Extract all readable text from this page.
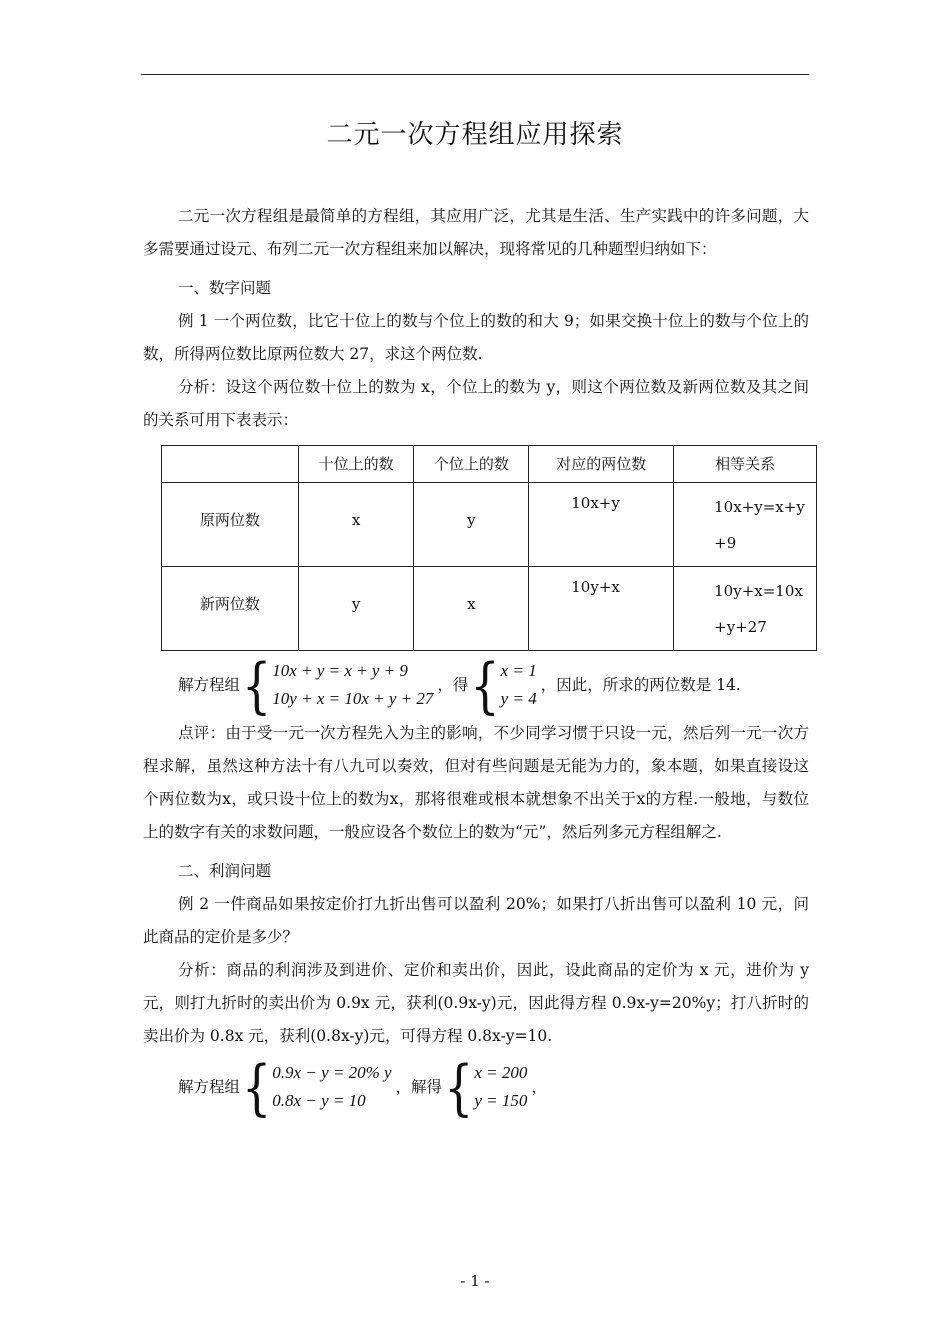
二元一次方程组应用探索

二元一次方程组是最简单的方程组，其应用广泛，尤其是生活、生产实践中的许多问题，大多需要通过设元、布列二元一次方程组来加以解决，现将常见的几种题型归纳如下：

一、数字问题

例 1 一个两位数，比它十位上的数与个位上的数的和大 9；如果交换十位上的数与个位上的数，所得两位数比原两位数大 27，求这个两位数.

分析：设这个两位数十位上的数为 x，个位上的数为 y，则这个两位数及新两位数及其之间的关系可用下表表示：

	十位上的数	个位上的数	对应的两位数	相等关系

原两位数	x	y	10x+y	10x+y=x+y+9

新两位数	y	x	10y+x	10y+x=10x+y+27
解方程组 { 10x + y = x + y + 9
10y + x = 10x + y + 27
，得 { x = 1
y = 4
，因此，所求的两位数是 14.

点评：由于受一元一次方程先入为主的影响，不少同学习惯于只设一元，然后列一元一次方程求解，虽然这种方法十有八九可以奏效，但对有些问题是无能为力的，象本题，如果直接设这个两位数为x，或只设十位上的数为x，那将很难或根本就想象不出关于x的方程.一般地，与数位上的数字有关的求数问题，一般应设各个数位上的数为“元”，然后列多元方程组解之.

二、利润问题

例 2 一件商品如果按定价打九折出售可以盈利 20%；如果打八折出售可以盈利 10 元，问此商品的定价是多少？

分析：商品的利润涉及到进价、定价和卖出价，因此，设此商品的定价为 x 元，进价为 y 元，则打九折时的卖出价为 0.9x 元，获利(0.9x-y)元，因此得方程 0.9x-y=20%y；打八折时的卖出价为 0.8x 元，获利(0.8x-y)元，可得方程 0.8x-y=10.

解方程组 { 0.9x − y = 20% y
0.8x − y = 10
，解得 { x = 200
y = 150
，
- 1 -
